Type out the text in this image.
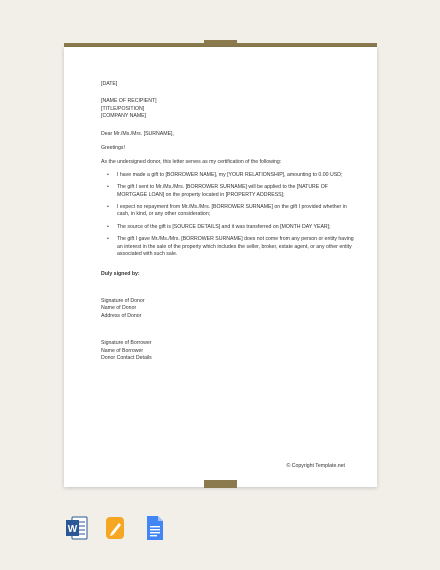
[DATE]

[NAME OF RECIPIENT]

[TITLE/POSITION]

[COMPANY NAME]

Dear Mr./Ms./Mrs. [SURNAME],

Greetings!

As the undersigned donor, this letter serves as my certification of the following:

• I have made a gift to [BORROWER NAME], my [YOUR RELATIONSHIP], amounting to 0.00 USD;
• The gift I sent to Mr./Ms./Mrs. [BORROWER SURNAME] will be applied to the [NATURE OF MORTGAGE LOAN] on the property located in [PROPERTY ADDRESS];
• I expect no repayment from Mr./Ms./Mrs. [BORROWER SURNAME] on the gift I provided whether in cash, in kind, or any other consideration;
• The source of the gift is [SOURCE DETAILS] and it was transferred on [MONTH DAY YEAR];
• The gift I gave Mr./Ms./Mrs. [BORROWER SURNAME] does not come from any person or entity having an interest in the sale of the property which includes the seller, broker, estate agent, or any other entity associated with such sale.

Duly signed by:

Signature of Donor

Name of Donor

Address of Donor

Signature of Borrower

Name of Borrower

Donor Contact Details

© Copyright Template.net
W
